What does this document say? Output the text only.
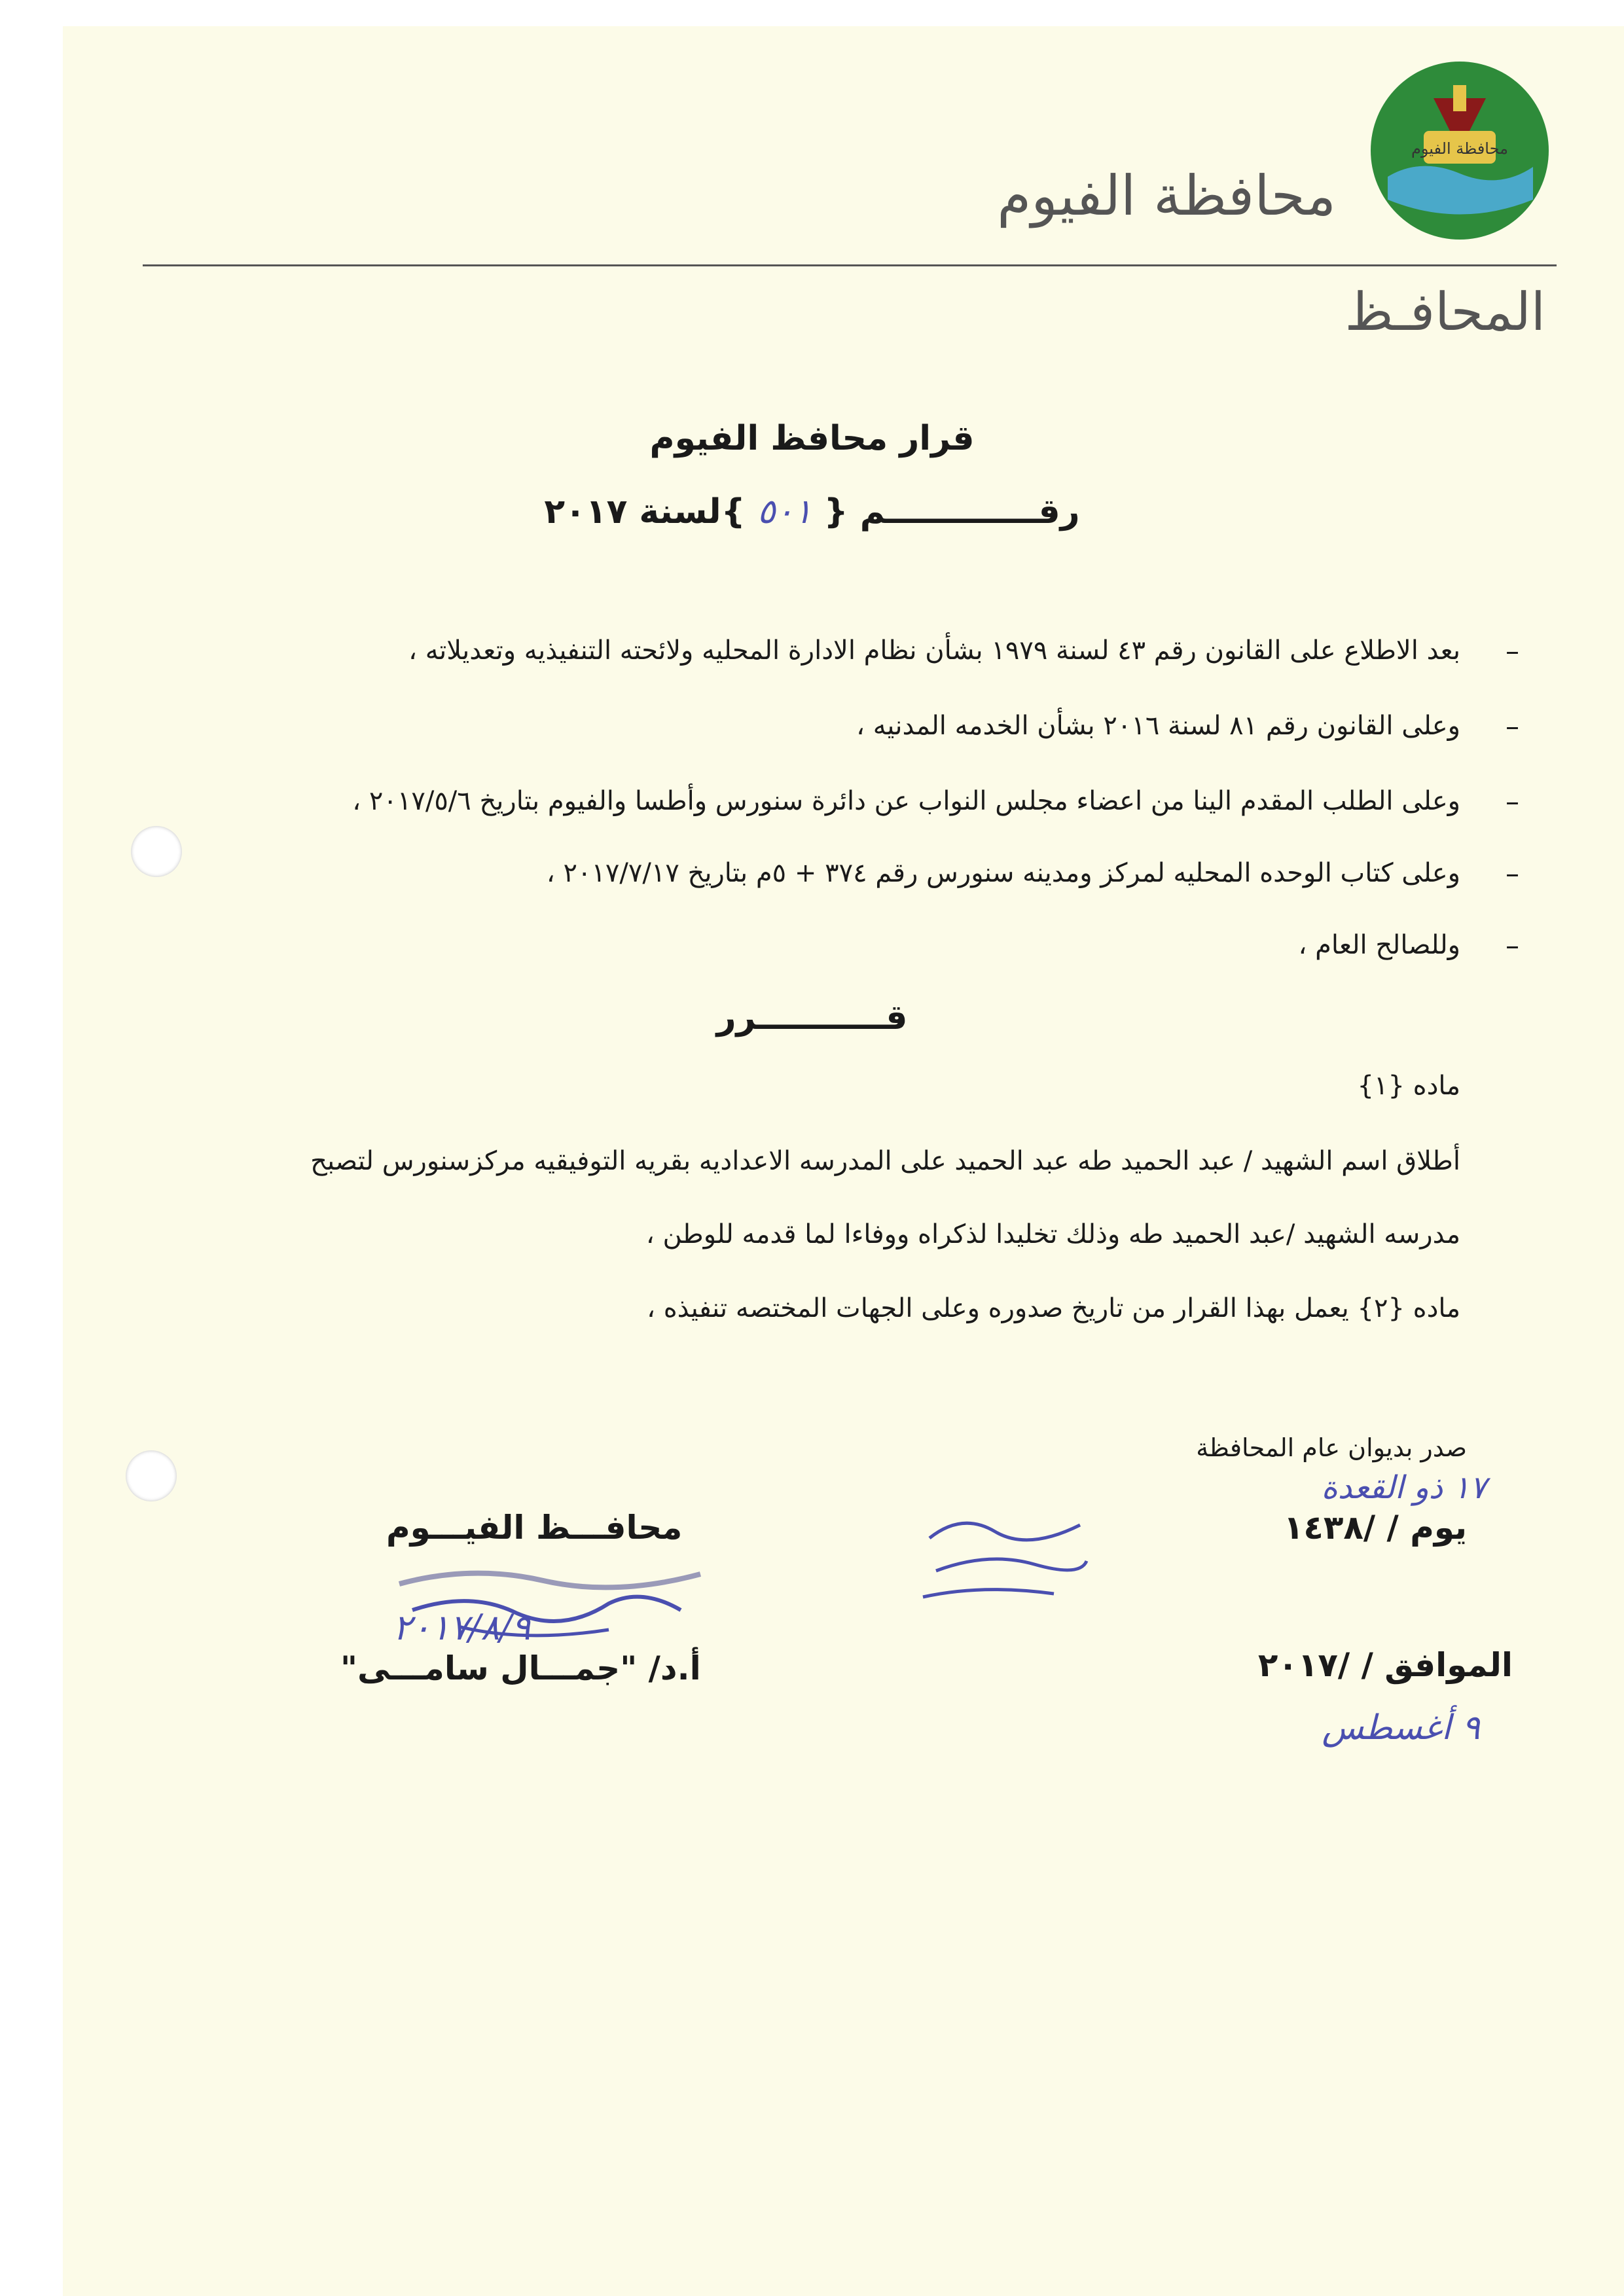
محافظة الفيوم
محافظة الفيوم
المحافـظ
قرار محافظ الفيوم
رقـــــــــــــم { ٥٠١ }لسنة ٢٠١٧
–
بعد الاطلاع على القانون رقم ٤٣ لسنة ١٩٧٩ بشأن نظام الادارة المحليه ولائحته التنفيذيه وتعديلاته ،
–
وعلى القانون رقم ٨١ لسنة ٢٠١٦ بشأن الخدمه المدنيه ،
–
وعلى الطلب المقدم الينا من اعضاء مجلس النواب عن دائرة سنورس وأطسا والفيوم بتاريخ ٢٠١٧/٥/٦ ،
–
وعلى كتاب الوحده المحليه لمركز ومدينه سنورس رقم ٣٧٤ + ٥م بتاريخ ٢٠١٧/٧/١٧ ،
–
وللصالح العام ،
قـــــــــــرر
ماده {١}
أطلاق اسم الشهيد / عبد الحميد طه عبد الحميد على المدرسه الاعداديه بقريه التوفيقيه مركزسنورس لتصبح
مدرسه الشهيد /عبد الحميد طه وذلك تخليدا لذكراه ووفاءا لما قدمه للوطن ،
ماده {٢} يعمل بهذا القرار من تاريخ صدوره وعلى الجهات المختصه تنفيذه ،
صدر بديوان عام المحافظة
١٧ ذو القعدة
يوم / /١٤٣٨
الموافق / /٢٠١٧
٩ أغسطس
محافـــظ الفيـــوم
٢٠١٧/٨/٩
أ.د/ "جمـــال سامـــى"
